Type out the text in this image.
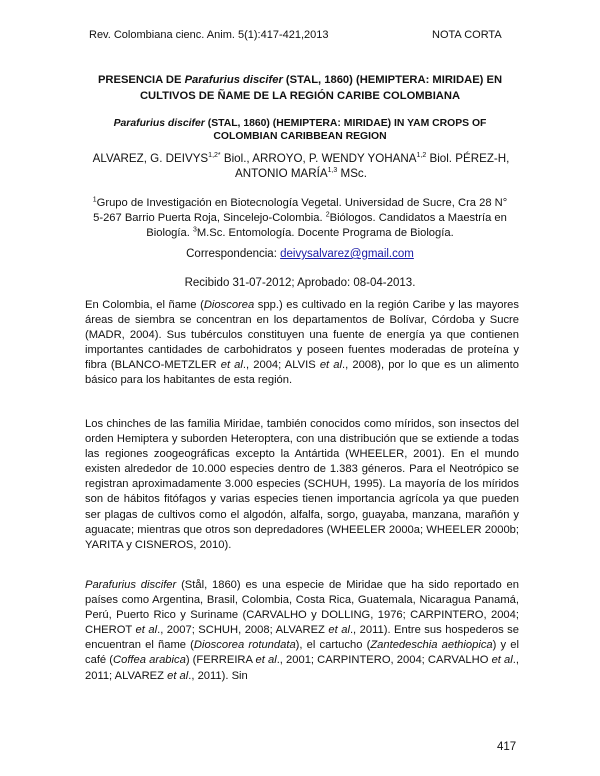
Rev. Colombiana cienc. Anim. 5(1):417-421,2013	NOTA CORTA
PRESENCIA DE Parafurius discifer (STAL, 1860) (HEMIPTERA: MIRIDAE) EN CULTIVOS DE ÑAME DE LA REGIÓN CARIBE COLOMBIANA
Parafurius discifer (STAL, 1860) (HEMIPTERA: MIRIDAE) IN YAM CROPS OF COLOMBIAN CARIBBEAN REGION
ALVAREZ, G. $DEIVYS^{1,2*}$ Biol., ARROYO, P. WENDY YOHANA$^{1,2}$ Biol. PÉREZ-H, ANTONIO MARÍA$^{1,3}$ MSc.
$^1$Grupo de Investigación en Biotecnología Vegetal. Universidad de Sucre, Cra 28 N° 5-267 Barrio Puerta Roja, Sincelejo-Colombia. $^2$Biólogos. Candidatos a Maestría en Biología. $^3$M.Sc. Entomología. Docente Programa de Biología.
Correspondencia: deivysalvarez@gmail.com
Recibido 31-07-2012; Aprobado: 08-04-2013.
En Colombia, el ñame (Dioscorea spp.) es cultivado en la región Caribe y las mayores áreas de siembra se concentran en los departamentos de Bolívar, Córdoba y Sucre (MADR, 2004). Sus tubérculos constituyen una fuente de energía ya que contienen importantes cantidades de carbohidratos y poseen fuentes moderadas de proteína y fibra (BLANCO-METZLER et al., 2004; ALVIS et al., 2008), por lo que es un alimento básico para los habitantes de esta región.
Los chinches de las familia Miridae, también conocidos como míridos, son insectos del orden Hemiptera y suborden Heteroptera, con una distribución que se extiende a todas las regiones zoogeográficas excepto la Antártida (WHEELER, 2001). En el mundo existen alrededor de 10.000 especies dentro de 1.383 géneros. Para el Neotrópico se registran aproximadamente 3.000 especies (SCHUH, 1995). La mayoría de los míridos son de hábitos fitófagos y varias especies tienen importancia agrícola ya que pueden ser plagas de cultivos como el algodón, alfalfa, sorgo, guayaba, manzana, marañón y aguacate; mientras que otros son depredadores (WHEELER 2000a; WHEELER 2000b; YARITA y CISNEROS, 2010).
Parafurius discifer (Stål, 1860) es una especie de Miridae que ha sido reportado en países como Argentina, Brasil, Colombia, Costa Rica, Guatemala, Nicaragua Panamá, Perú, Puerto Rico y Suriname (CARVALHO y DOLLING, 1976; CARPINTERO, 2004; CHEROT et al., 2007; SCHUH, 2008; ALVAREZ et al., 2011). Entre sus hospederos se encuentran el ñame (Dioscorea rotundata), el cartucho (Zantedeschia aethiopica) y el café (Coffea arabica) (FERREIRA et al., 2001; CARPINTERO, 2004; CARVALHO et al., 2011; ALVAREZ et al., 2011). Sin
417
